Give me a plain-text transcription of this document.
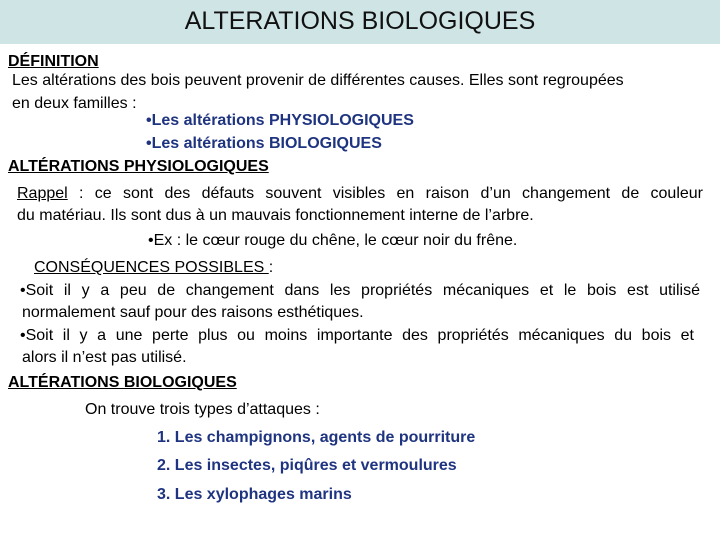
ALTERATIONS BIOLOGIQUES
DÉFINITION
Les altérations des bois peuvent provenir de différentes causes. Elles sont regroupées
en deux familles :
•Les altérations PHYSIOLOGIQUES
•Les altérations BIOLOGIQUES
ALTÉRATIONS PHYSIOLOGIQUES
Rappel : ce sont des défauts souvent visibles en raison d’un changement de couleur
du matériau. Ils sont dus à un mauvais fonctionnement interne de l’arbre.
•Ex : le cœur rouge du chêne, le cœur noir du frêne.
CONSÉQUENCES POSSIBLES :
•Soit il y a peu de changement dans les propriétés mécaniques et le bois est utilisé
normalement sauf pour des raisons esthétiques.
•Soit il y a une perte plus ou moins importante des propriétés mécaniques du bois et
alors il n’est pas utilisé.
ALTÉRATIONS BIOLOGIQUES
On trouve trois types d’attaques :
1. Les champignons, agents de pourriture
2. Les insectes, piqûres et vermoulures
3. Les xylophages marins
